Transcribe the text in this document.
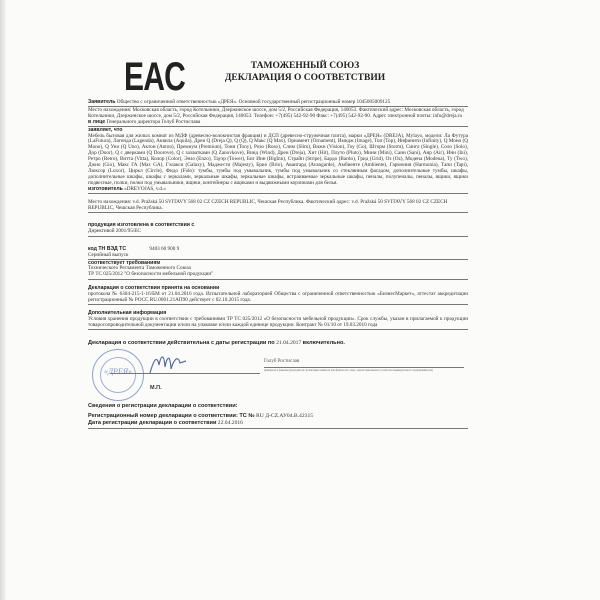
EAC	ТАМОЖЕННЫЙ СОЮЗ
ДЕКЛАРАЦИЯ О СООТВЕТСТВИИ
Заявитель Общество с ограниченной ответственностью «ДРЕЯ». Основной государственный регистрационный номер 1045005009125
Место нахождения: Московская область, город Котельники, Дзержинское шоссе, дом 5/2, Российская Федерация, 140053. Фактический адрес: Московская область, город Котельники, Дзержинское шоссе, дом 5/2, Российская Федерация, 140053. Телефон: +7(495) 542-92-90 Факс: +7(495) 542-92-90. Адрес электронной почты: info@dreja.ru
в лице Генерального директора Голуб Ростислава
заявляет, что
Мебель бытовая для жилых комнат из МДФ (древесно-волокнистая фракция) и ДСП (древесно-стружечная плита), марки «ДРЕЯ» (DREJA), Mylayo, модели: Ла Футура (LaFutura), Лагенда (Lagenda), Аквила (Aquila), Дреи Q (Dreja Q), Q (Q), Q Макс (Q Max), Орнамент (Ornament), Имидж (Image), Топ (Top), Инфинити (Infinity), Q Моно (Q Mono), Q Уно (Q Uno), Актон (Anton), Премиум (Premium), Тони (Tony), Розо (Roso), Слим (Slim), Вижн (Vision), Гоу (Go), Шторм (Storm), Сингл (Single), Соло (Solo), Дор (Door), Q с дверками (Q Doorove), Q с захватками (Q Zanovkove), Винд (Wind), Дреи (Dreja), Хит (Hit), Плуто (Pluto), Мини (Mini), Сани (Sani), Аир (Air), Ини (Ini), Ретро (Retro), Витта (Vitta), Колор (Color), Энзо (Enzo), Тауэр (Tower), Биг Инн (BigInn), Страйп (Stripe), Бардо (Bardo), Грид (Grid), Оз (Oz), Модена (Modena), Ту (Two), Джио (Gio), Макс ГА (Max GA), Гэлакси (Galaxy), Маджести (Majesty), Брио (Brio), Авангард (Avangarde), Амбиенте (Ambiente), Гармония (Harmonia), Тапи (Tapi), Люксор (Luxor), Циркл (Circle), Фидо (Fido): тумбы, тумбы под умывальник, тумбы под умывальник со стеклянным фасадом, дополнительные тумбы, шкафы, дополнительные шкафы, шкафы с зеркалами, зеркальные шкафы, зеркальные шкафы, встраиваемые зеркальные шкафы, пеналы, полупеналы, пеналы, ящики, ящики подвесные, полки, полки под умывальники, ящики, контейнеры с ящиками и выдвижными корзинами для белья.
изготовитель «DREVOJAS, v.d.»
Место нахождения: v.d. Pražská 50 SVITAVY 568 02 CZ CZECH REPUBLIC, Чешская Республика. Фактический адрес: v.d. Pražská 50 SVITAVY 568 02 CZ CZECH REPUBLIC, Чешская Республика.
продукция изготовлена в соответствии с
Директивой 2001/95/ЕС
код ТН ВЭД ТС	9403 60 900 9
Серийный выпуск
соответствует требованиям
Технического Регламента Таможенного Союза
ТР ТС 025/2012 "О безопасности мебельной продукции"
Декларация о соответствии принята на основании
протокола № 6304-215-1-16/БМ от 21.04.2016 года. Испытательной лабораторией Общества с ограниченной ответственностью «БизнесМаркет», аттестат аккредитации регистрационный № РОСС RU.0001.21АП90 действует с 02.10.2015 года.
Дополнительная информация
Условия хранения продукции в соответствии с требованиями ТР ТС 025/2012 «О безопасности мебельной продукции». Срок службы, указан в прилагаемой к продукции товаросопроводительной документации и/или на упаковке и/или каждой единице продукции. Контракт № 01/10 от 19.03.2010 года
Декларация о соответствии действительна с даты регистрации по 21.04.2017 включительно.
«ДРЕЯ»
М.П.
Голуб Ростислав
(инициалы и фамилия руководителя организации-заявителя или физического лица, зарегистрированного в качестве индивидуального предпринимателя)
Сведения о регистрации декларации о соответствии:
Регистрационный номер декларации о соответствии: ТС № RU Д-CZ.АУ04.В.42315
Дата регистрации декларации о соответствии 22.04.2016
